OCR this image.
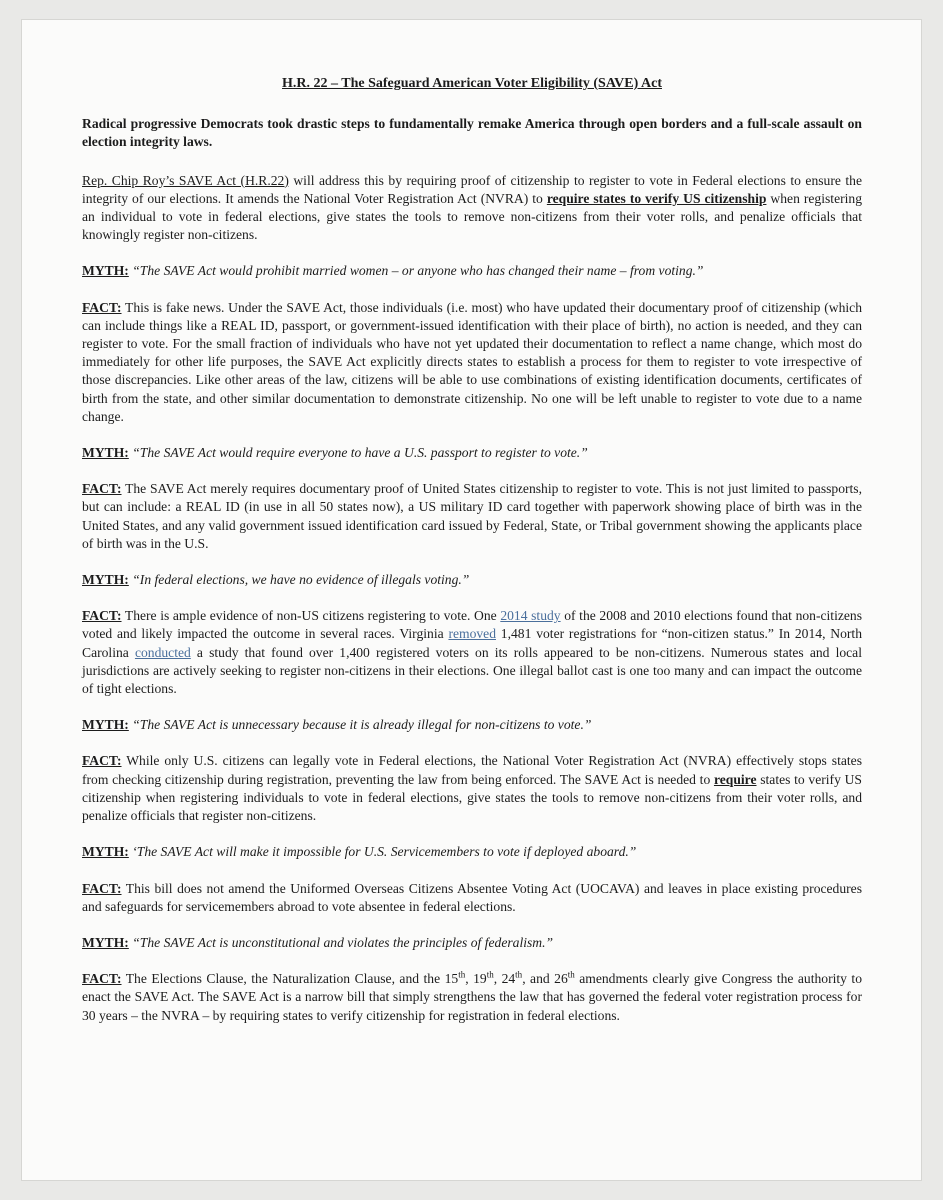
H.R. 22 – The Safeguard American Voter Eligibility (SAVE) Act

Radical progressive Democrats took drastic steps to fundamentally remake America through open borders and a full-scale assault on election integrity laws.

Rep. Chip Roy’s SAVE Act (H.R.22) will address this by requiring proof of citizenship to register to vote in Federal elections to ensure the integrity of our elections. It amends the National Voter Registration Act (NVRA) to require states to verify US citizenship when registering an individual to vote in federal elections, give states the tools to remove non-citizens from their voter rolls, and penalize officials that knowingly register non-citizens.

MYTH: “The SAVE Act would prohibit married women – or anyone who has changed their name – from voting.”

FACT: This is fake news. Under the SAVE Act, those individuals (i.e. most) who have updated their documentary proof of citizenship (which can include things like a REAL ID, passport, or government-issued identification with their place of birth), no action is needed, and they can register to vote. For the small fraction of individuals who have not yet updated their documentation to reflect a name change, which most do immediately for other life purposes, the SAVE Act explicitly directs states to establish a process for them to register to vote irrespective of those discrepancies. Like other areas of the law, citizens will be able to use combinations of existing identification documents, certificates of birth from the state, and other similar documentation to demonstrate citizenship. No one will be left unable to register to vote due to a name change.

MYTH: “The SAVE Act would require everyone to have a U.S. passport to register to vote.”

FACT: The SAVE Act merely requires documentary proof of United States citizenship to register to vote. This is not just limited to passports, but can include: a REAL ID (in use in all 50 states now), a US military ID card together with paperwork showing place of birth was in the United States, and any valid government issued identification card issued by Federal, State, or Tribal government showing the applicants place of birth was in the U.S.

MYTH: “In federal elections, we have no evidence of illegals voting.”

FACT: There is ample evidence of non-US citizens registering to vote. One 2014 study of the 2008 and 2010 elections found that non-citizens voted and likely impacted the outcome in several races. Virginia removed 1,481 voter registrations for “non-citizen status.” In 2014, North Carolina conducted a study that found over 1,400 registered voters on its rolls appeared to be non-citizens. Numerous states and local jurisdictions are actively seeking to register non-citizens in their elections. One illegal ballot cast is one too many and can impact the outcome of tight elections.

MYTH: “The SAVE Act is unnecessary because it is already illegal for non-citizens to vote.”

FACT: While only U.S. citizens can legally vote in Federal elections, the National Voter Registration Act (NVRA) effectively stops states from checking citizenship during registration, preventing the law from being enforced. The SAVE Act is needed to require states to verify US citizenship when registering individuals to vote in federal elections, give states the tools to remove non-citizens from their voter rolls, and penalize officials that register non-citizens.

MYTH: ‘The SAVE Act will make it impossible for U.S. Servicemembers to vote if deployed aboard.”

FACT: This bill does not amend the Uniformed Overseas Citizens Absentee Voting Act (UOCAVA) and leaves in place existing procedures and safeguards for servicemembers abroad to vote absentee in federal elections.

MYTH: “The SAVE Act is unconstitutional and violates the principles of federalism.”

FACT: The Elections Clause, the Naturalization Clause, and the 15th, 19th, 24th, and 26th amendments clearly give Congress the authority to enact the SAVE Act. The SAVE Act is a narrow bill that simply strengthens the law that has governed the federal voter registration process for 30 years – the NVRA – by requiring states to verify citizenship for registration in federal elections.
